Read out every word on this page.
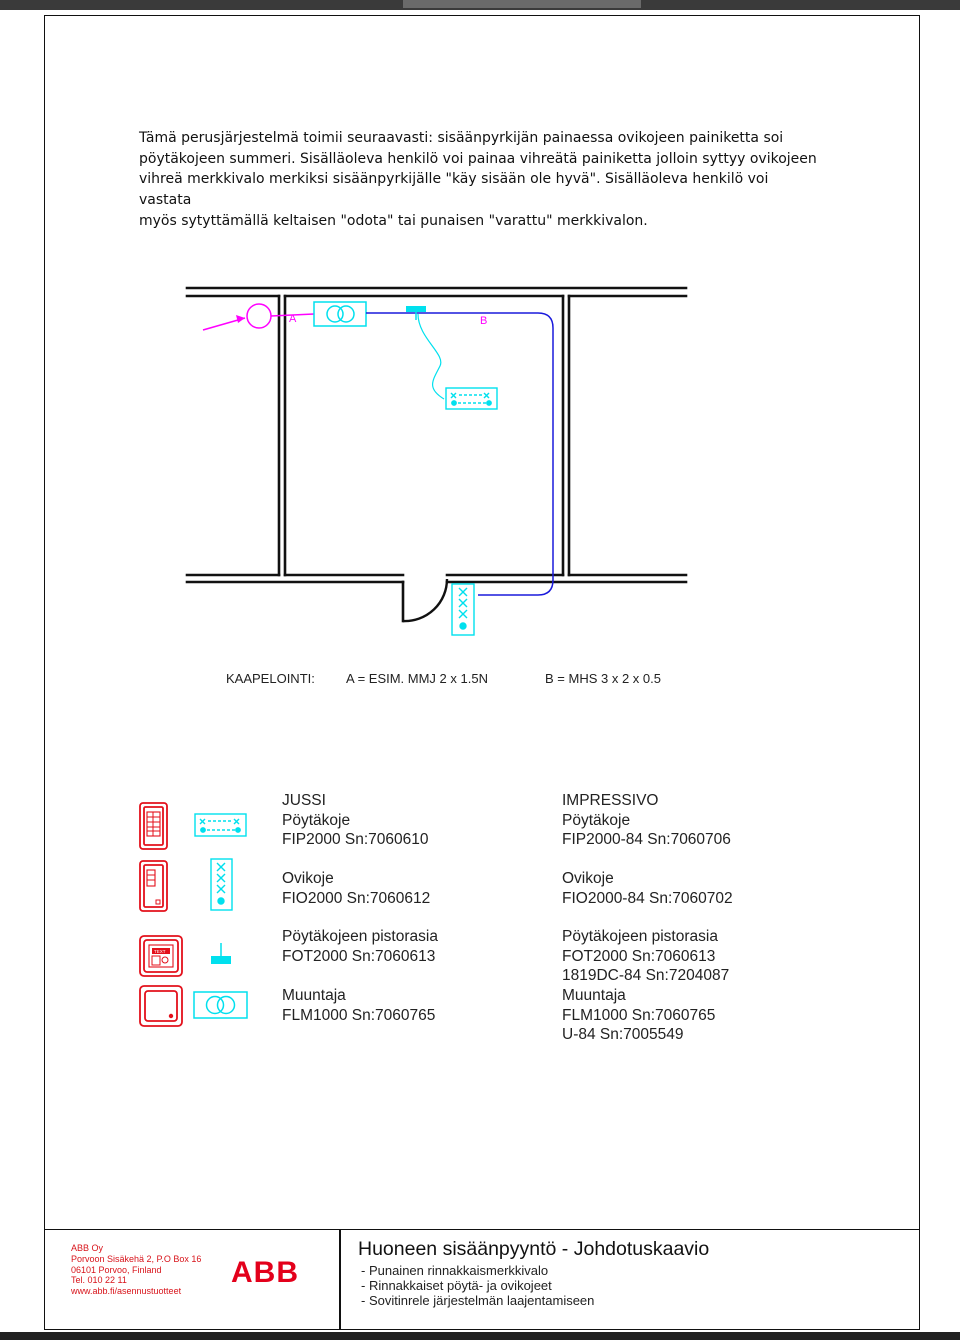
Tämä perusjärjestelmä toimii seuraavasti: sisäänpyrkijän painaessa ovikojeen painiketta soi

pöytäkojeen summeri. Sisälläoleva henkilö voi painaa vihreätä painiketta jolloin syttyy ovikojeen

vihreä merkkivalo merkiksi sisäänpyrkijälle "käy sisään ole hyvä". Sisälläoleva henkilö voi vastata

myös sytyttämällä keltaisen "odota" tai punaisen "varattu" merkkivalon.

A	B
TEXT
KAAPELOINTI: A = ESIM. MMJ 2 x 1.5N	B = MHS 3 x 2 x 0.5
JUSSI
Pöytäkoje
FIP2000 Sn:7060610
Ovikoje
FIO2000 Sn:7060612
Pöytäkojeen pistorasia
FOT2000 Sn:7060613
Muuntaja
FLM1000 Sn:7060765
IMPRESSIVO
Pöytäkoje
FIP2000-84 Sn:7060706
Ovikoje
FIO2000-84 Sn:7060702
Pöytäkojeen pistorasia
FOT2000 Sn:7060613
1819DC-84 Sn:7204087
Muuntaja
FLM1000 Sn:7060765
U-84 Sn:7005549
ABB Oy
Porvoon Sisäkehä 2, P.O Box 16
06101 Porvoo, Finland
Tel. 010 22 11
www.abb.fi/asennustuotteet
ABB
Huoneen sisäänpyyntö - Johdotuskaavio
- Punainen rinnakkaismerkkivalo
- Rinnakkaiset pöytä- ja ovikojeet
- Sovitinrele järjestelmän laajentamiseen
